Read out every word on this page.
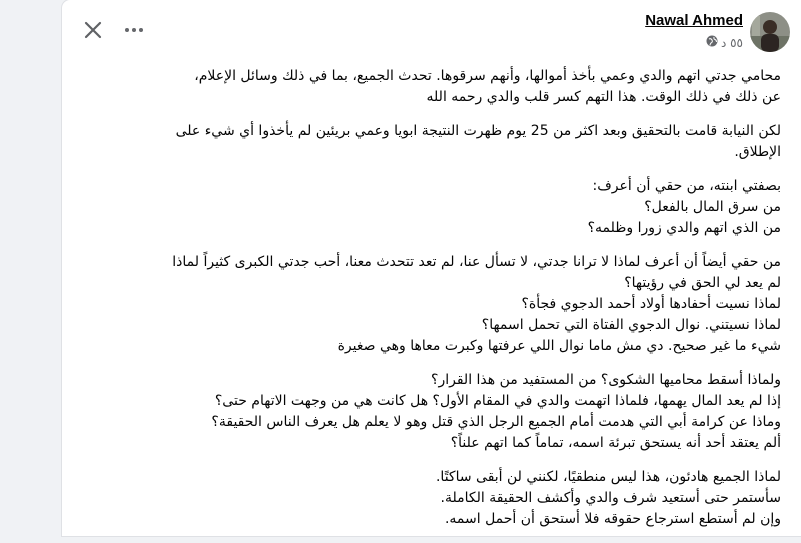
Nawal Ahmed
٥٥ د
محامي جدتي اتهم والدي وعمي بأخذ أموالها، وأنهم سرقوها. تحدث الجميع، بما في ذلك وسائل الإعلام،
عن ذلك في ذلك الوقت. هذا التهم كسر قلب والدي رحمه الله
لكن النيابة قامت بالتحقيق وبعد اكثر من 25 يوم ظهرت النتيجة ابويا وعمي بريئين لم يأخذوا أي شيء على
الإطلاق.
بصفتي ابنته، من حقي أن أعرف:
من سرق المال بالفعل؟
من الذي اتهم والدي زورا وظلمه؟
من حقي أيضاً أن أعرف لماذا لا ترانا جدتي، لا تسأل عنا، لم تعد تتحدث معنا، أحب جدتي الكبرى كثيراً لماذا
لم يعد لي الحق في رؤيتها؟
لماذا نسيت أحفادها أولاد أحمد الدجوي فجأة؟
لماذا نسيتني. نوال الدجوي الفتاة التي تحمل اسمها؟
شيء ما غير صحيح. دي مش ماما نوال اللي عرفتها وكبرت معاها وهي صغيرة
ولماذا أسقط محاميها الشكوى؟ من المستفيد من هذا القرار؟
إذا لم يعد المال يهمها، فلماذا اتهمت والدي في المقام الأول؟ هل كانت هي من وجهت الاتهام حتى؟
وماذا عن كرامة أبي التي هدمت أمام الجميع الرجل الذي قتل وهو لا يعلم هل يعرف الناس الحقيقة؟
ألم يعتقد أحد أنه يستحق تبرئة اسمه، تماماً كما اتهم علناً؟
لماذا الجميع هادئون، هذا ليس منطقيًا، لكنني لن أبقى ساكتًا.
سأستمر حتى أستعيد شرف والدي وأكشف الحقيقة الكاملة.
وإن لم أستطع استرجاع حقوقه فلا أستحق أن أحمل اسمه.
